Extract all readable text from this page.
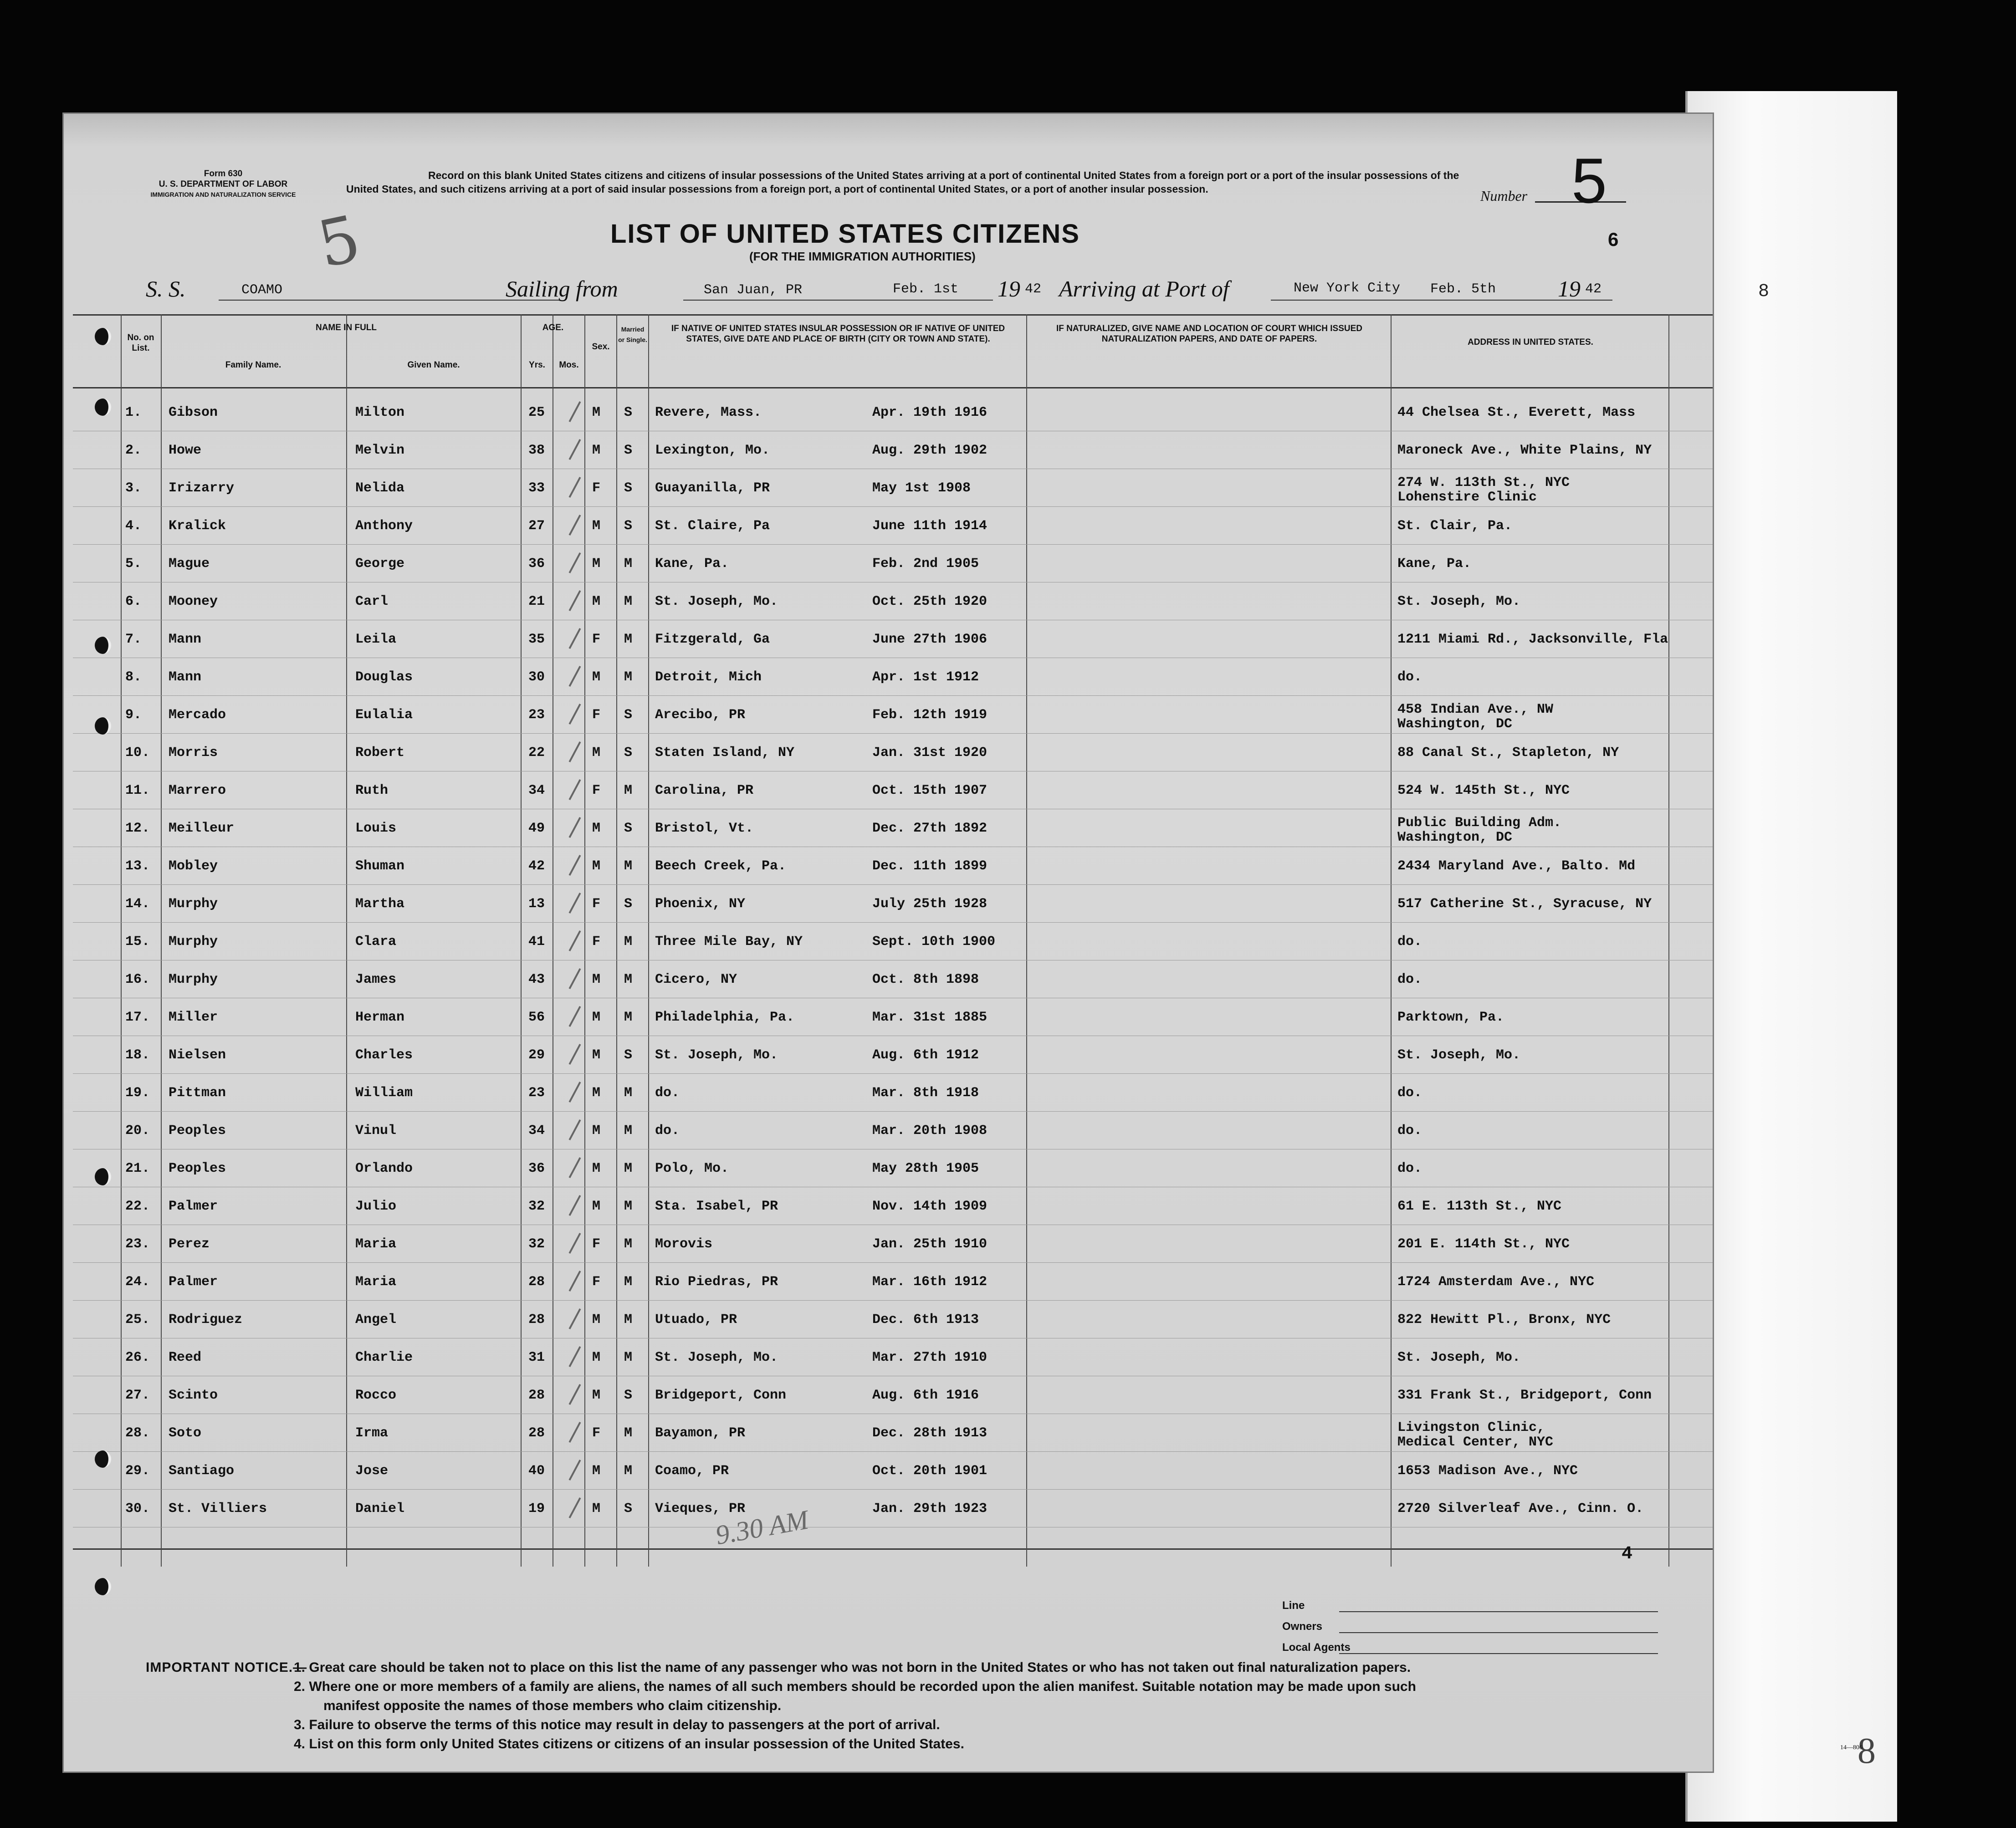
8
8
Form 630
U. S. DEPARTMENT OF LABOR
IMMIGRATION AND NATURALIZATION SERVICE
Record on this blank United States citizens and citizens of insular possessions of the United States arriving at a port of continental United States from a foreign port or a port of the insular possessions of the United States, and such citizens arriving at a port of said insular possessions from a foreign port, a port of continental United States, or a port of another insular possession.	Number 5
5	LIST OF UNITED STATES CITIZENS
(FOR THE IMMIGRATION AUTHORITIES)
6
S. S.	COAMO	Sailing from	San Juan, PR	Feb. 1st 19 42 Arriving at Port of	New York City Feb. 5th	19 42
No. on List.
NAME IN FULL
Family Name.	Given Name.
AGE.
Yrs.	Mos.
Sex.
Married or Single.
IF NATIVE OF UNITED STATES INSULAR POSSESSION OR IF NATIVE OF UNITED STATES, GIVE DATE AND PLACE OF BIRTH (CITY OR TOWN AND STATE).
IF NATURALIZED, GIVE NAME AND LOCATION OF COURT WHICH ISSUED NATURALIZATION PAPERS, AND DATE OF PAPERS.	ADDRESS IN UNITED STATES.
1. Gibson	Milton	25	M S Revere, Mass.	Apr. 19th 1916	44 Chelsea St., Everett, Mass
2. Howe	Melvin	38	M S Lexington, Mo.	Aug. 29th 1902	Maroneck Ave., White Plains, NY
3. Irizarry	Nelida	33	F S Guayanilla, PR	May 1st 1908	274 W. 113th St., NYC
Lohenstire Clinic
4. Kralick	Anthony	27	M S St. Claire, Pa	June 11th 1914	St. Clair, Pa.
5. Mague	George	36	M M Kane, Pa.	Feb. 2nd 1905	Kane, Pa.
6. Mooney	Carl	21	M M St. Joseph, Mo.	Oct. 25th 1920	St. Joseph, Mo.
7. Mann	Leila	35	F M Fitzgerald, Ga	June 27th 1906	1211 Miami Rd., Jacksonville, Fla
8. Mann	Douglas	30	M M Detroit, Mich	Apr. 1st 1912	do.
9. Mercado	Eulalia	23	F S Arecibo, PR	Feb. 12th 1919	458 Indian Ave., NW
Washington, DC
10. Morris	Robert	22	M S Staten Island, NY	Jan. 31st 1920	88 Canal St., Stapleton, NY
11. Marrero	Ruth	34	F M Carolina, PR	Oct. 15th 1907	524 W. 145th St., NYC
12. Meilleur	Louis	49	M S Bristol, Vt.	Dec. 27th 1892	Public Building Adm.
Washington, DC
13. Mobley	Shuman	42	M M Beech Creek, Pa.	Dec. 11th 1899	2434 Maryland Ave., Balto. Md
14. Murphy	Martha	13	F S Phoenix, NY	July 25th 1928	517 Catherine St., Syracuse, NY
15. Murphy	Clara	41	F M Three Mile Bay, NY	Sept. 10th 1900	do.
16. Murphy	James	43	M M Cicero, NY	Oct. 8th 1898	do.
17. Miller	Herman	56	M M Philadelphia, Pa.	Mar. 31st 1885	Parktown, Pa.
18. Nielsen	Charles	29	M S St. Joseph, Mo.	Aug. 6th 1912	St. Joseph, Mo.
19. Pittman	William	23	M M do.	Mar. 8th 1918	do.
20. Peoples	Vinul	34	M M do.	Mar. 20th 1908	do.
21. Peoples	Orlando	36	M M Polo, Mo.	May 28th 1905	do.
22. Palmer	Julio	32	M M Sta. Isabel, PR	Nov. 14th 1909	61 E. 113th St., NYC
23. Perez	Maria	32	F M Morovis	Jan. 25th 1910	201 E. 114th St., NYC
24. Palmer	Maria	28	F M Rio Piedras, PR	Mar. 16th 1912	1724 Amsterdam Ave., NYC
25. Rodriguez	Angel	28	M M Utuado, PR	Dec. 6th 1913	822 Hewitt Pl., Bronx, NYC
26. Reed	Charlie	31	M M St. Joseph, Mo.	Mar. 27th 1910	St. Joseph, Mo.
27. Scinto	Rocco	28	M S Bridgeport, Conn	Aug. 6th 1916	331 Frank St., Bridgeport, Conn
28. Soto	Irma	28	F M Bayamon, PR	Dec. 28th 1913	Livingston Clinic,
Medical Center, NYC
29. Santiago	Jose	40	M M Coamo, PR	Oct. 20th 1901	1653 Madison Ave., NYC
30. St. Villiers	Daniel	19	M S Vieques, PR	Jan. 29th 1923	2720 Silverleaf Ave., Cinn. O.
9.30 AM
4
Line
Owners
Local Agents
IMPORTANT NOTICE.—
1. Great care should be taken not to place on this list the name of any passenger who was not born in the United States or who has not taken out final naturalization papers.
2. Where one or more members of a family are aliens, the names of all such members should be recorded upon the alien manifest. Suitable notation may be made upon such
manifest opposite the names of those members who claim citizenship.
3. Failure to observe the terms of this notice may result in delay to passengers at the port of arrival.
4. List on this form only United States citizens or citizens of an insular possession of the United States.	14—806
